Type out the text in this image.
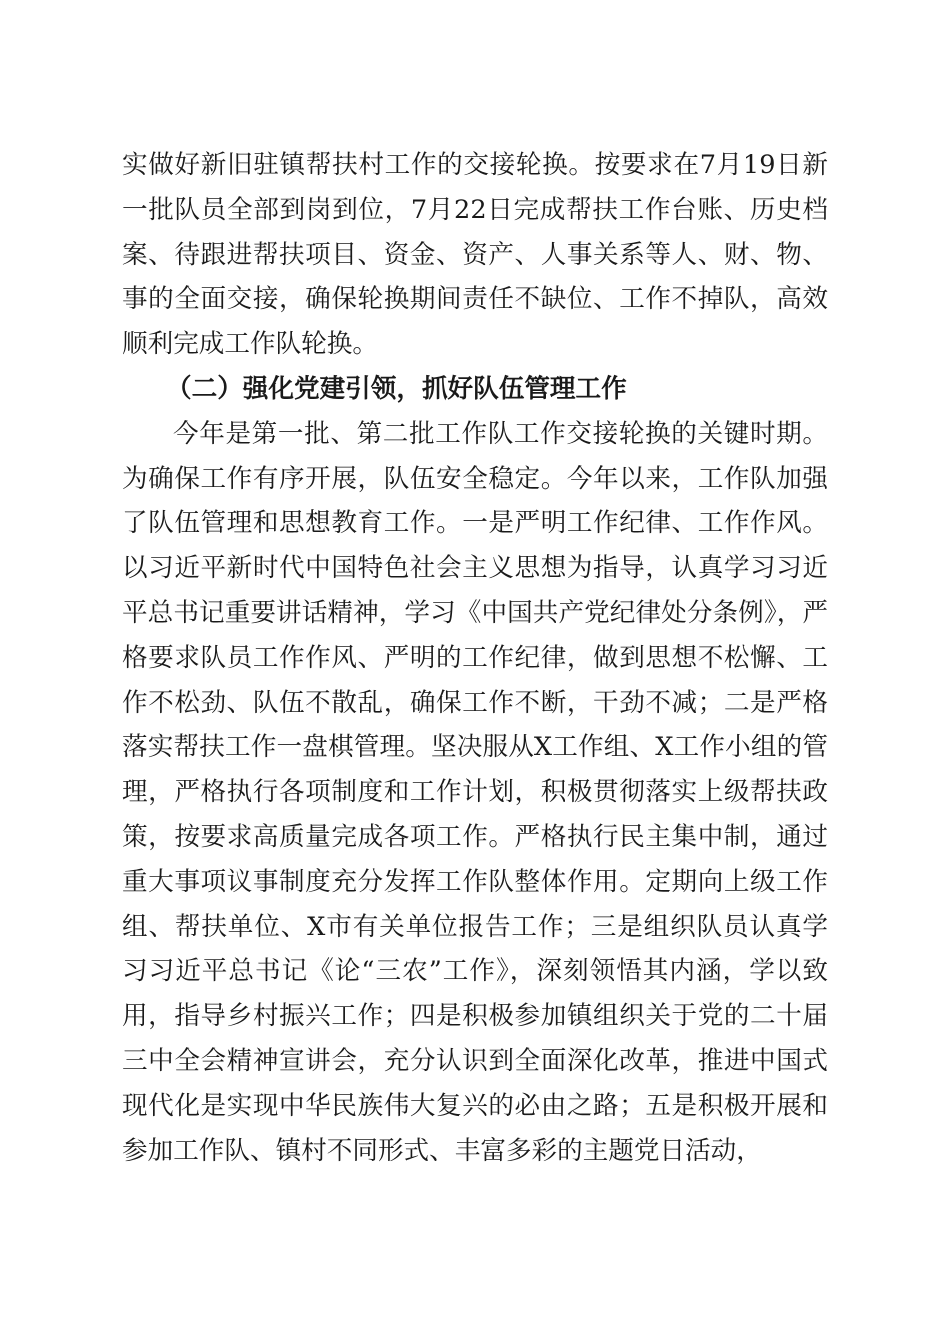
实做好新旧驻镇帮扶村工作的交接轮换。按要求在7月19日新一批队员全部到岗到位，7月22日完成帮扶工作台账、历史档案、待跟进帮扶项目、资金、资产、人事关系等人、财、物、事的全面交接，确保轮换期间责任不缺位、工作不掉队，高效顺利完成工作队轮换。

（二）强化党建引领，抓好队伍管理工作

今年是第一批、第二批工作队工作交接轮换的关键时期。为确保工作有序开展，队伍安全稳定。今年以来，工作队加强了队伍管理和思想教育工作。一是严明工作纪律、工作作风。以习近平新时代中国特色社会主义思想为指导，认真学习习近平总书记重要讲话精神，学习《中国共产党纪律处分条例》，严格要求队员工作作风、严明的工作纪律，做到思想不松懈、工作不松劲、队伍不散乱，确保工作不断，干劲不减；二是严格落实帮扶工作一盘棋管理。坚决服从X工作组、X工作小组的管理，严格执行各项制度和工作计划，积极贯彻落实上级帮扶政策，按要求高质量完成各项工作。严格执行民主集中制，通过重大事项议事制度充分发挥工作队整体作用。定期向上级工作组、帮扶单位、X市有关单位报告工作；三是组织队员认真学习习近平总书记《论“三农”工作》，深刻领悟其内涵，学以致用，指导乡村振兴工作；四是积极参加镇组织关于党的二十届三中全会精神宣讲会，充分认识到全面深化改革，推进中国式现代化是实现中华民族伟大复兴的必由之路；五是积极开展和参加工作队、镇村不同形式、丰富多彩的主题党日活动，
